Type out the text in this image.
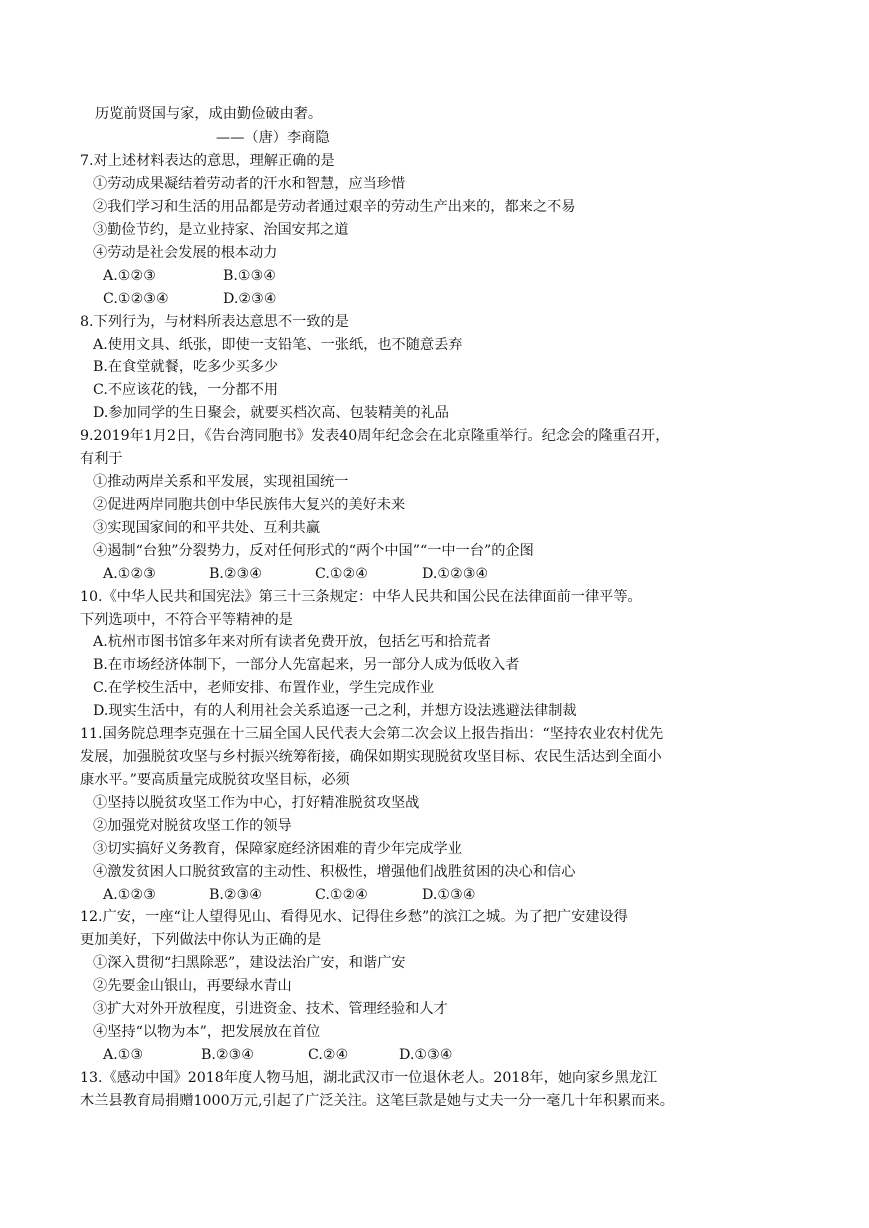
历览前贤国与家，成由勤俭破由奢。
——（唐）李商隐
7.对上述材料表达的意思，理解正确的是
①劳动成果凝结着劳动者的汗水和智慧，应当珍惜
②我们学习和生活的用品都是劳动者通过艰辛的劳动生产出来的，都来之不易
③勤俭节约，是立业持家、治国安邦之道
④劳动是社会发展的根本动力
A.①②③	B.①③④
C.①②③④	D.②③④
8.下列行为，与材料所表达意思不一致的是
A.使用文具、纸张，即使一支铅笔、一张纸，也不随意丢弃
B.在食堂就餐，吃多少买多少
C.不应该花的钱，一分都不用
D.参加同学的生日聚会，就要买档次高、包装精美的礼品
9.2019年1月2日，《告台湾同胞书》发表40周年纪念会在北京隆重举行。纪念会的隆重召开，
有利于
①推动两岸关系和平发展，实现祖国统一
②促进两岸同胞共创中华民族伟大复兴的美好未来
③实现国家间的和平共处、互利共赢
④遏制“台独”分裂势力，反对任何形式的“两个中国”“一中一台”的企图
A.①②③	B.②③④	C.①②④	D.①②③④
10.《中华人民共和国宪法》第三十三条规定：中华人民共和国公民在法律面前一律平等。
下列选项中，不符合平等精神的是
A.杭州市图书馆多年来对所有读者免费开放，包括乞丐和拾荒者
B.在市场经济体制下，一部分人先富起来，另一部分人成为低收入者
C.在学校生活中，老师安排、布置作业，学生完成作业
D.现实生活中，有的人利用社会关系追逐一己之利，并想方设法逃避法律制裁
11.国务院总理李克强在十三届全国人民代表大会第二次会议上报告指出：“坚持农业农村优先
发展，加强脱贫攻坚与乡村振兴统筹衔接，确保如期实现脱贫攻坚目标、农民生活达到全面小
康水平。”要高质量完成脱贫攻坚目标，必须
①坚持以脱贫攻坚工作为中心，打好精准脱贫攻坚战
②加强党对脱贫攻坚工作的领导
③切实搞好义务教育，保障家庭经济困难的青少年完成学业
④激发贫困人口脱贫致富的主动性、积极性，增强他们战胜贫困的决心和信心
A.①②③	B.②③④	C.①②④	D.①③④
12.广安，一座“让人望得见山、看得见水、记得住乡愁”的滨江之城。为了把广安建设得
更加美好，下列做法中你认为正确的是
①深入贯彻“扫黑除恶”，建设法治广安，和谐广安
②先要金山银山，再要绿水青山
③扩大对外开放程度，引进资金、技术、管理经验和人才
④坚持“以物为本”，把发展放在首位
A.①③	B.②③④	C.②④	D.①③④
13.《感动中国》2018年度人物马旭，湖北武汉市一位退休老人。2018年，她向家乡黑龙江
木兰县教育局捐赠1000万元,引起了广泛关注。这笔巨款是她与丈夫一分一毫几十年积累而来。
